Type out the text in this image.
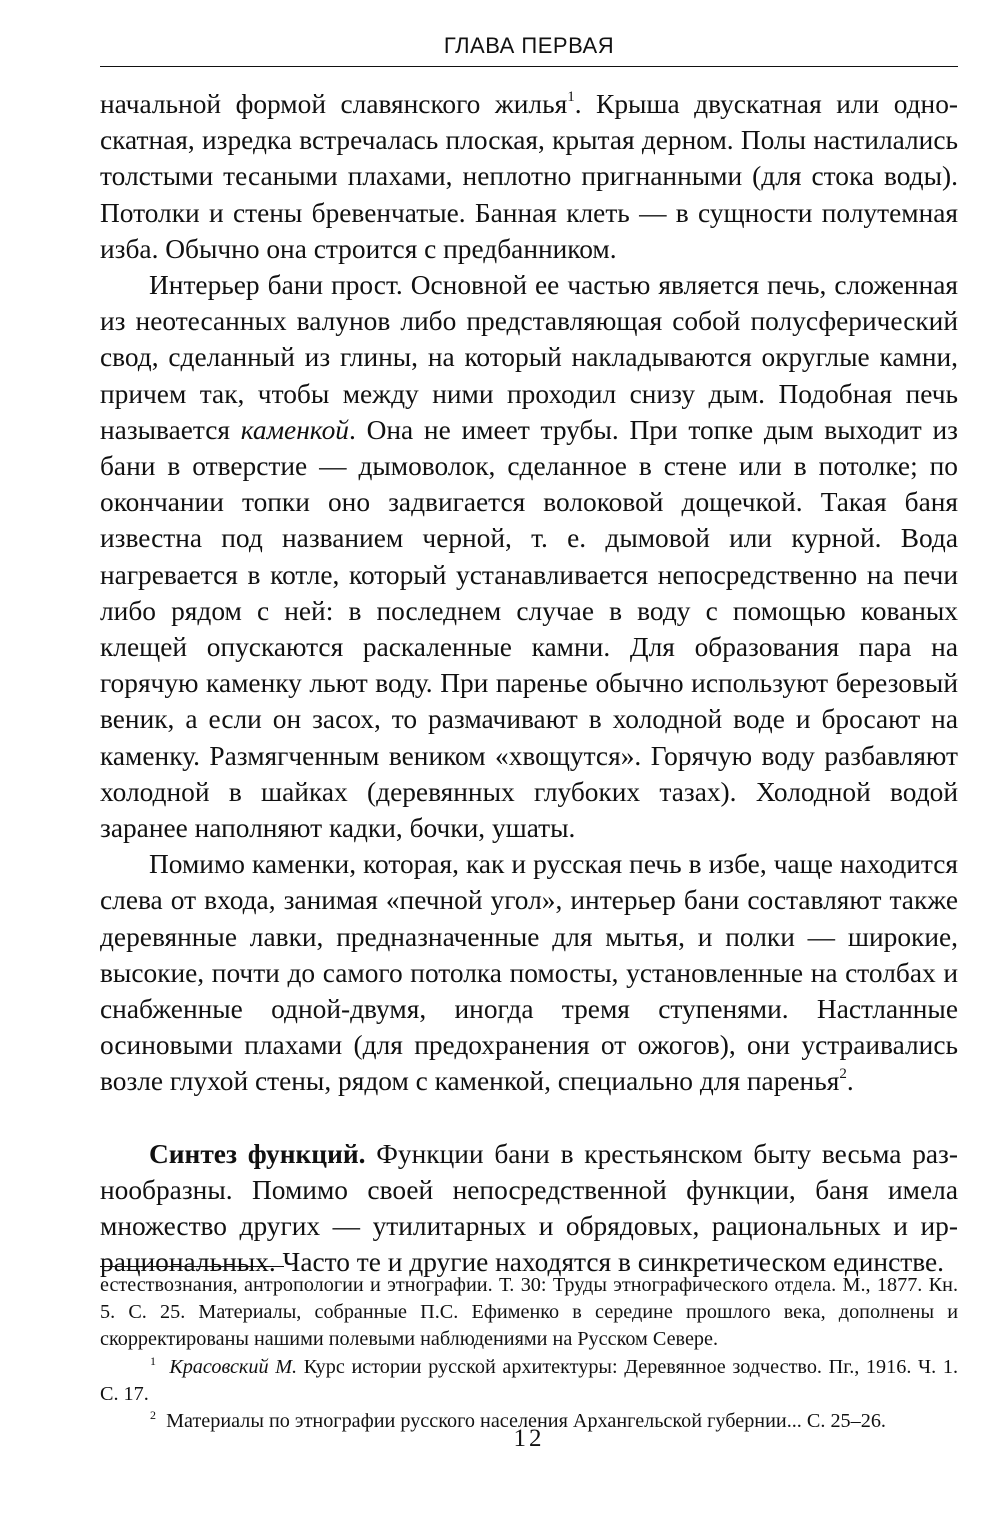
ГЛАВА ПЕРВАЯ

начальной формой славянского жилья$^1$. Крыша двускатная или односкатная, изредка встречалась плоская, крытая дерном. Полы настилались толстыми тесаными плахами, неплотно пригнанными (для стока воды). Потолки и стены бревенчатые. Банная клеть — в сущности полутемная изба. Обычно она строится с предбанником.

Интерьер бани прост. Основной ее частью является печь, сложенная из неотесанных валунов либо представляющая собой полусферический свод, сделанный из глины, на который накладываются округлые камни, причем так, чтобы между ними проходил снизу дым. Подобная печь называется каменкой. Она не имеет трубы. При топке дым выходит из бани в отверстие — дымоволок, сделанное в стене или в потолке; по окончании топки оно задвигается волоковой дощечкой. Такая баня известна под названием черной, т. е. дымовой или курной. Вода нагревается в котле, который устанавливается непосредственно на печи либо рядом с ней: в последнем случае в воду с помощью кованых клещей опускаются раскаленные камни. Для образования пара на горячую каменку льют воду. При паренье обычно используют березовый веник, а если он засох, то размачивают в холодной воде и бросают на каменку. Размягченным веником «хвощутся». Горячую воду разбавляют холодной в шайках (деревянных глубоких тазах). Холодной водой заранее наполняют кадки, бочки, ушаты.

Помимо каменки, которая, как и русская печь в избе, чаще находится слева от входа, занимая «печной угол», интерьер бани составляют также деревянные лавки, предназначенные для мытья, и полки — широкие, высокие, почти до самого потолка помосты, установленные на столбах и снабженные одной-двумя, иногда тремя ступенями. Настланные осиновыми плахами (для предохранения от ожогов), они устраивались возле глухой стены, рядом с каменкой, специально для паренья$^2$.

Синтез функций. Функции бани в крестьянском быту весьма разнообразны. Помимо своей непосредственной функции, баня имела множество других — утилитарных и обрядовых, рациональных и иррациональных. Часто те и другие находятся в синкретическом единстве.

естествознания, антропологии и этнографии. Т. 30: Труды этнографического отдела. М., 1877. Кн. 5. С. 25. Материалы, собранные П.С. Ефименко в середине прошлого века, дополнены и скорректированы нашими полевыми наблюдениями на Русском Севере.

$^1$ Красовский М. Курс истории русской архитектуры: Деревянное зодчество. Пг., 1916. Ч. 1. С. 17.

$^2$ Материалы по этнографии русского населения Архангельской губернии... С. 25–26.

12
